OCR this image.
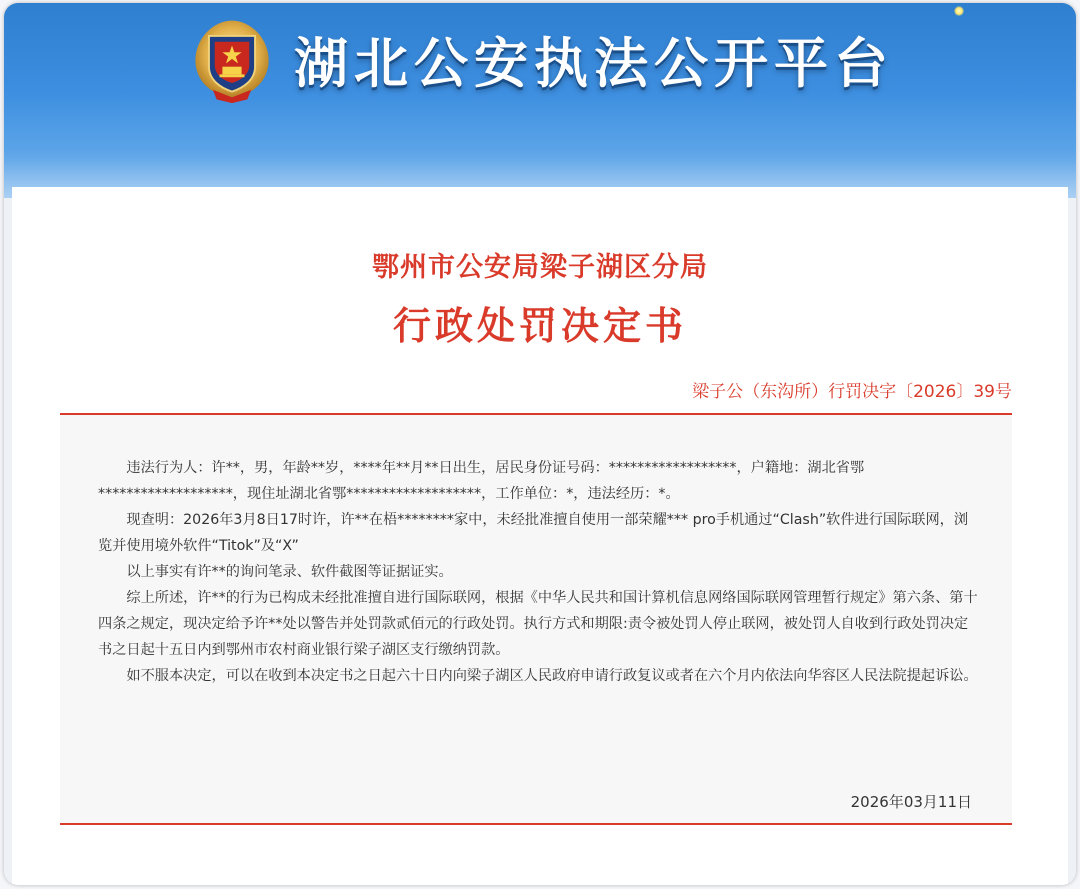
湖北公安执法公开平台
鄂州市公安局梁子湖区分局
行政处罚决定书
梁子公（东沟所）行罚决字〔2026〕39号

违法行为人：许**，男，年龄**岁，****年**月**日出生，居民身份证号码：******************，户籍地：湖北省鄂*******************，现住址湖北省鄂*******************，工作单位：*，违法经历：*。

现查明：2026年3月8日17时许，许**在梧********家中，未经批准擅自使用一部荣耀*** pro手机通过“Clash”软件进行国际联网，浏览并使用境外软件“Titok”及“X”

以上事实有许**的询问笔录、软件截图等证据证实。

综上所述，许**的行为已构成未经批准擅自进行国际联网，根据《中华人民共和国计算机信息网络国际联网管理暂行规定》第六条、第十四条之规定，现决定给予许**处以警告并处罚款贰佰元的行政处罚。执行方式和期限:责令被处罚人停止联网，被处罚人自收到行政处罚决定书之日起十五日内到鄂州市农村商业银行梁子湖区支行缴纳罚款。

如不服本决定，可以在收到本决定书之日起六十日内向梁子湖区人民政府申请行政复议或者在六个月内依法向华容区人民法院提起诉讼。

2026年03月11日
